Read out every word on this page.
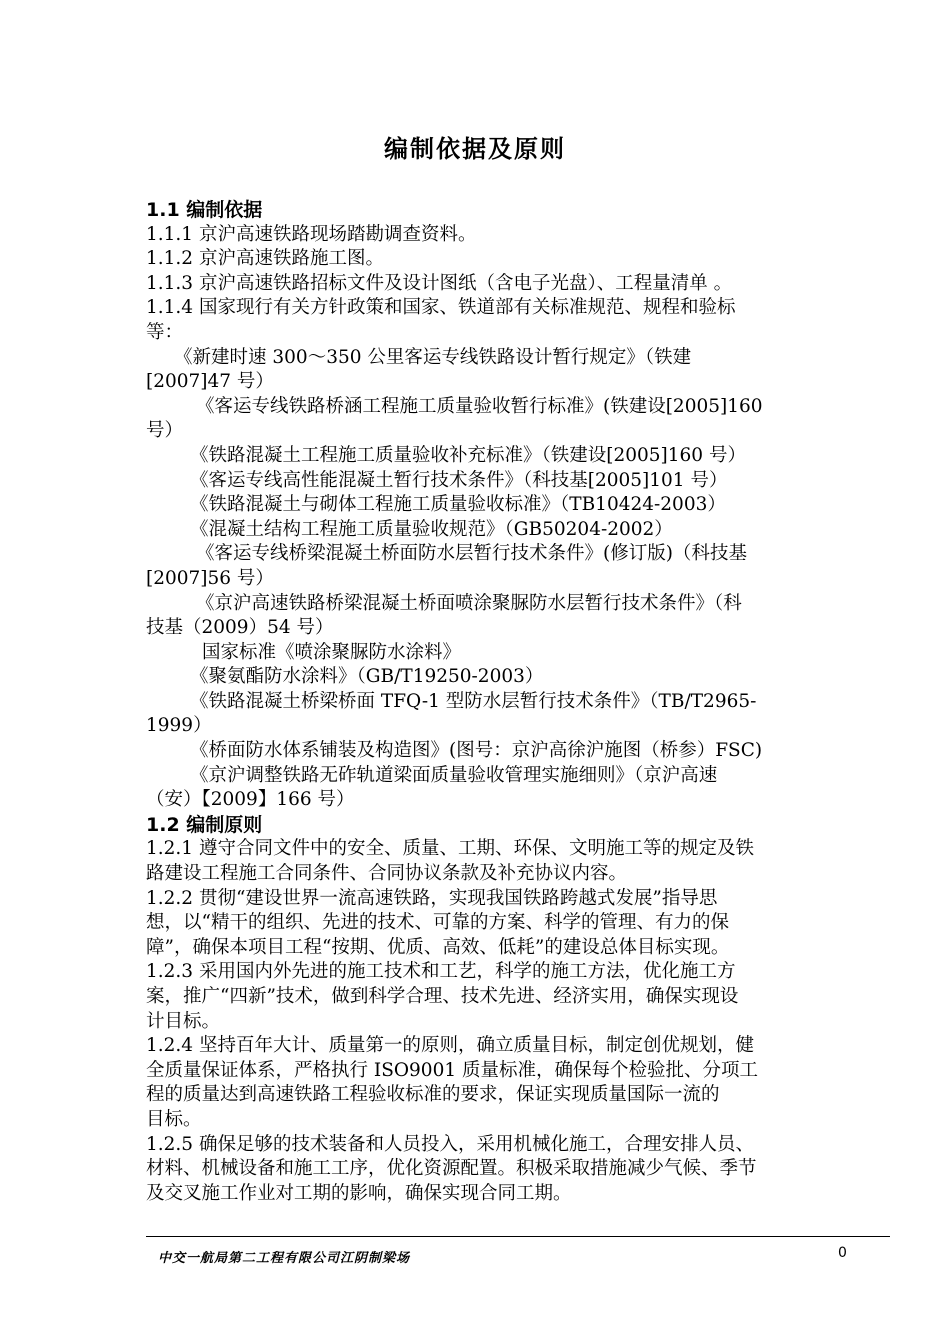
编制依据及原则

1.1 编制依据

1.1.1 京沪高速铁路现场踏勘调查资料。

1.1.2 京沪高速铁路施工图。

1.1.3 京沪高速铁路招标文件及设计图纸（含电子光盘）、工程量清单 。

1.1.4 国家现行有关方针政策和国家、铁道部有关标准规范、规程和验标

等：

《新建时速 300～350 公里客运专线铁路设计暂行规定》（铁建

[2007]47 号）

《客运专线铁路桥涵工程施工质量验收暂行标准》(铁建设[2005]160

号）

《铁路混凝土工程施工质量验收补充标准》（铁建设[2005]160 号）

《客运专线高性能混凝土暂行技术条件》（科技基[2005]101 号）

《铁路混凝土与砌体工程施工质量验收标准》（TB10424-2003）

《混凝土结构工程施工质量验收规范》（GB50204-2002）

《客运专线桥梁混凝土桥面防水层暂行技术条件》(修订版)（科技基

[2007]56 号）

《京沪高速铁路桥梁混凝土桥面喷涂聚脲防水层暂行技术条件》（科

技基（2009）54 号）

国家标准《喷涂聚脲防水涂料》

《聚氨酯防水涂料》（GB/T19250-2003）

《铁路混凝土桥梁桥面 TFQ-1 型防水层暂行技术条件》（TB/T2965-

1999）

《桥面防水体系铺装及构造图》(图号：京沪高徐沪施图（桥参）FSC)

《京沪调整铁路无砟轨道梁面质量验收管理实施细则》（京沪高速

（安）【2009】166 号）

1.2 编制原则

1.2.1 遵守合同文件中的安全、质量、工期、环保、文明施工等的规定及铁

路建设工程施工合同条件、合同协议条款及补充协议内容。

1.2.2 贯彻“建设世界一流高速铁路，实现我国铁路跨越式发展”指导思

想，以“精干的组织、先进的技术、可靠的方案、科学的管理、有力的保

障”，确保本项目工程“按期、优质、高效、低耗”的建设总体目标实现。

1.2.3 采用国内外先进的施工技术和工艺，科学的施工方法，优化施工方

案，推广“四新”技术，做到科学合理、技术先进、经济实用，确保实现设

计目标。

1.2.4 坚持百年大计、质量第一的原则，确立质量目标，制定创优规划，健

全质量保证体系，严格执行 ISO9001 质量标准，确保每个检验批、分项工

程的质量达到高速铁路工程验收标准的要求，保证实现质量国际一流的

目标。

1.2.5 确保足够的技术装备和人员投入，采用机械化施工，合理安排人员、

材料、机械设备和施工工序，优化资源配置。积极采取措施减少气候、季节

及交叉施工作业对工期的影响，确保实现合同工期。

中交一航局第二工程有限公司江阴制梁场	0
